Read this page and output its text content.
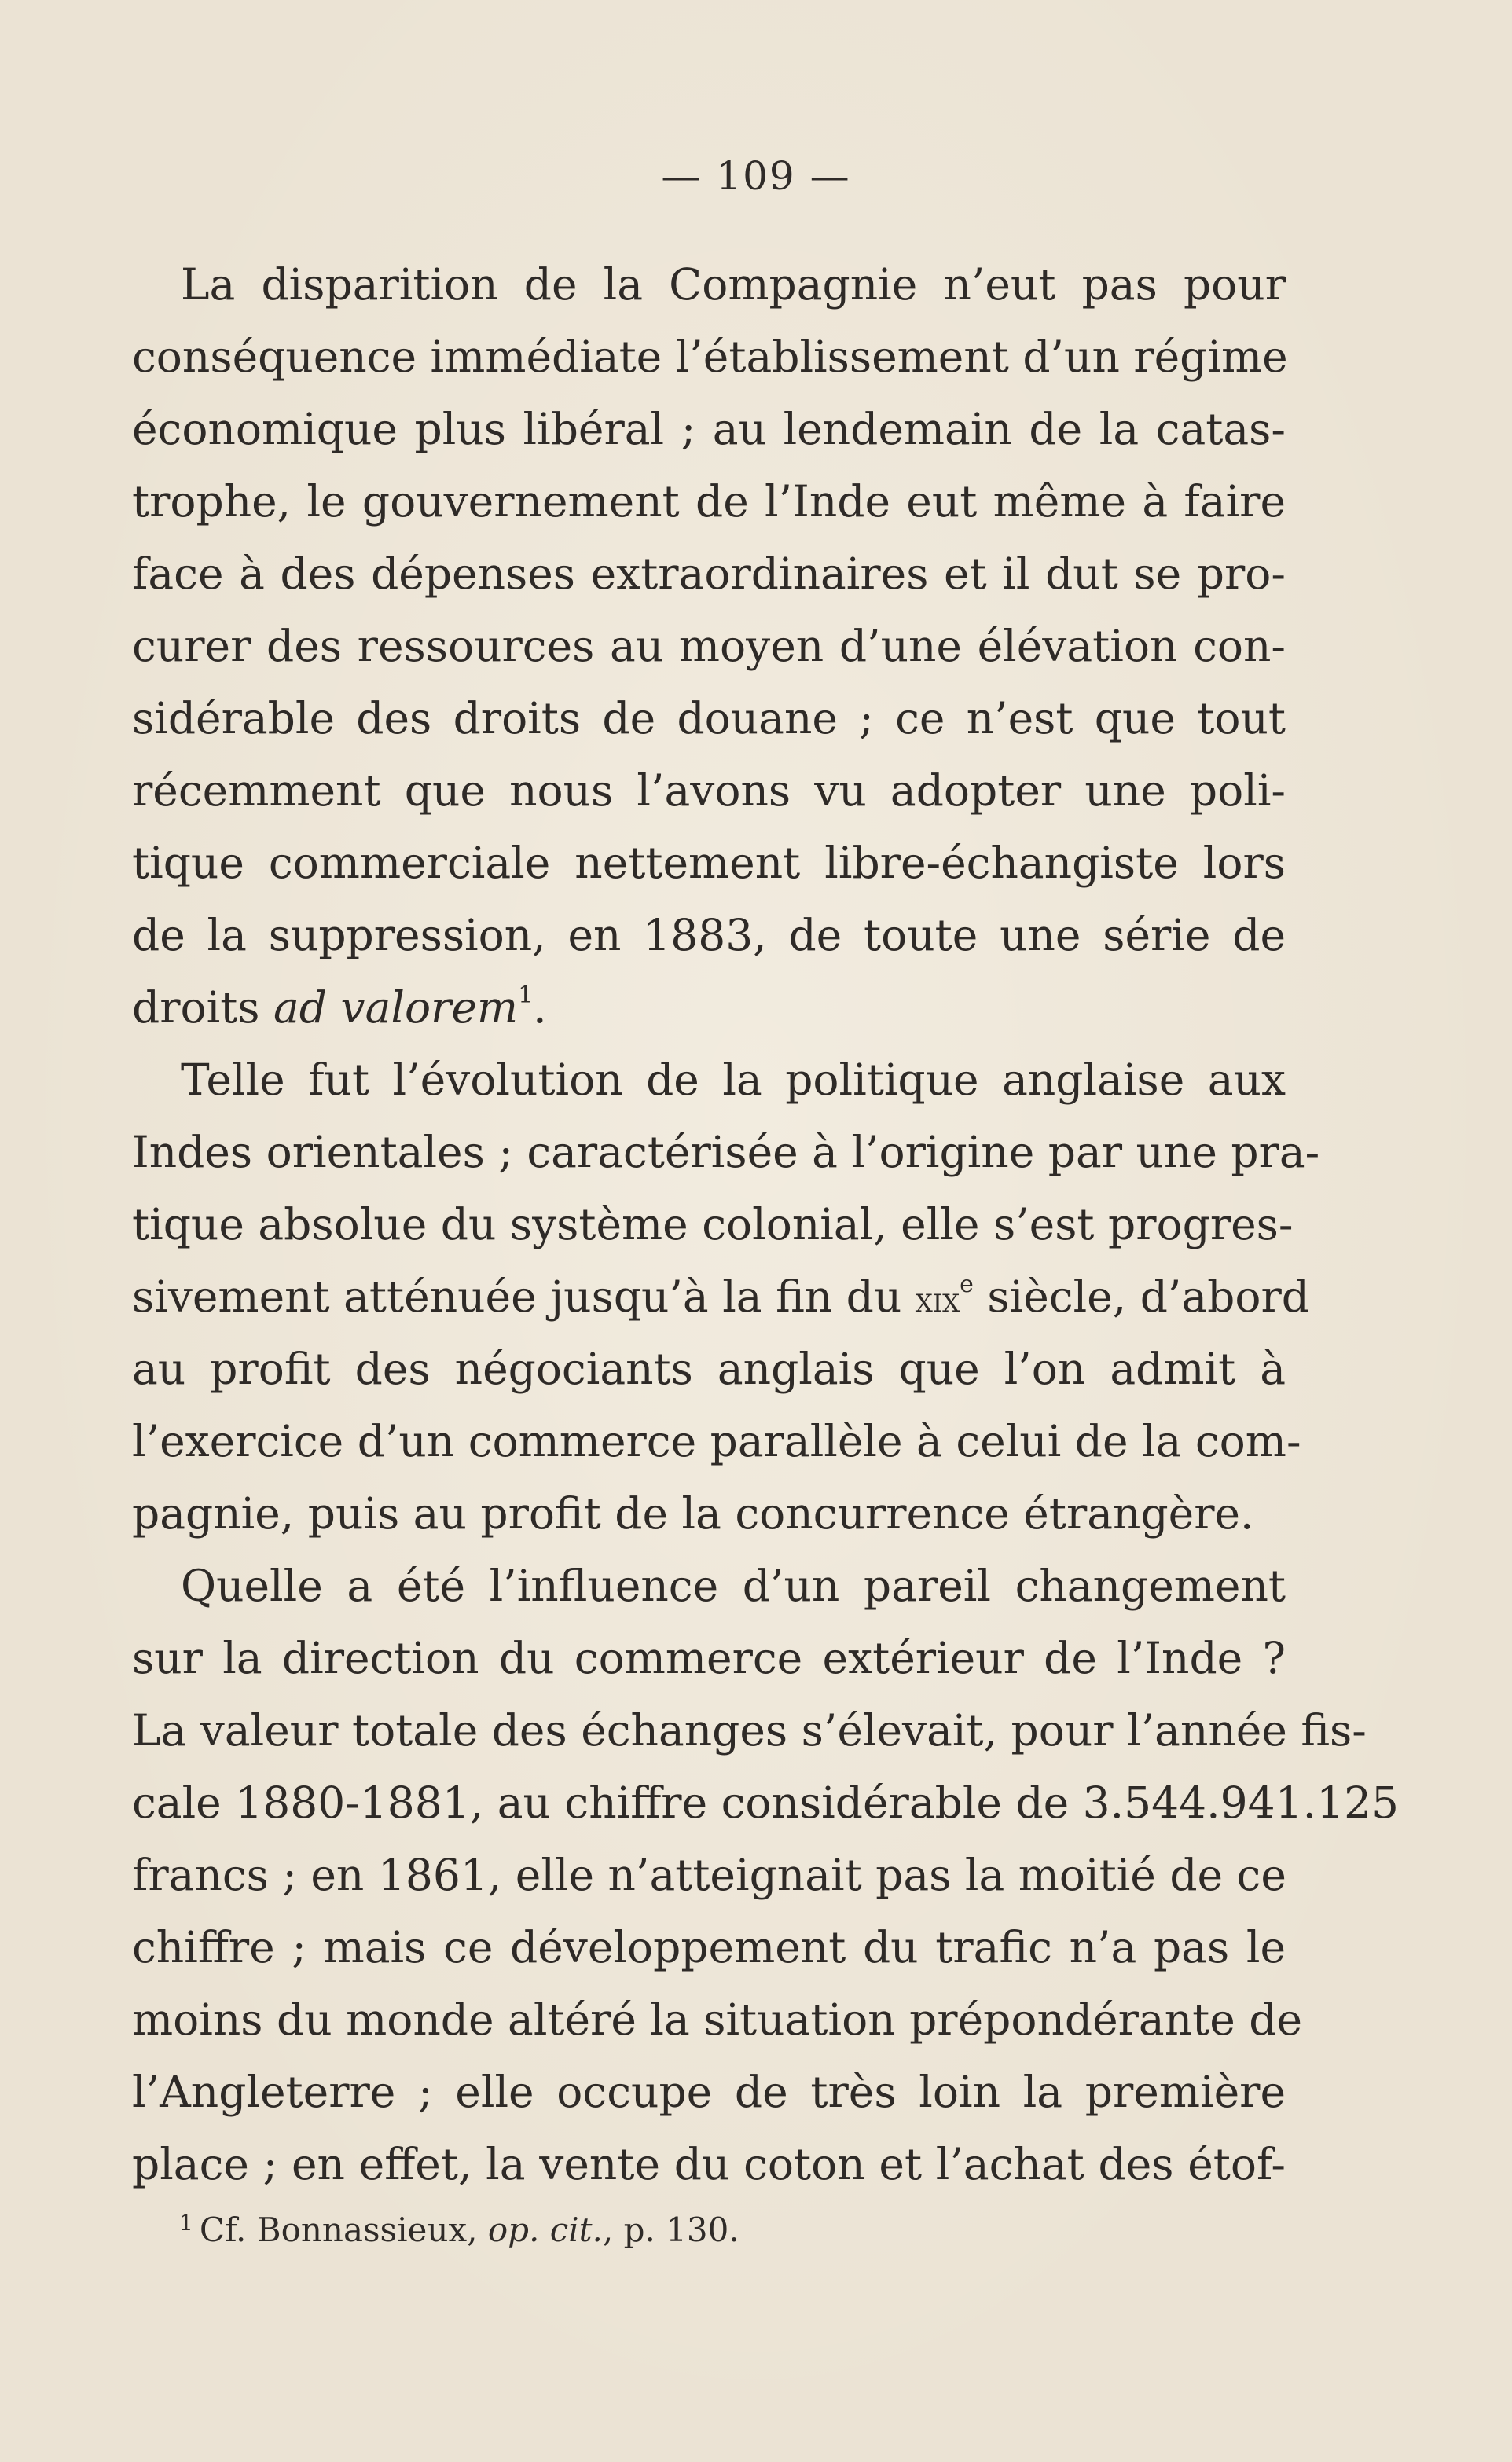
— 109 —
La disparition de la Compagnie n’eut pas pour
conséquence immédiate l’établissement d’un régime
économique plus libéral ; au lendemain de la catas-
trophe, le gouvernement de l’Inde eut même à faire
face à des dépenses extraordinaires et il dut se pro-
curer des ressources au moyen d’une élévation con-
sidérable des droits de douane ; ce n’est que tout
récemment que nous l’avons vu adopter une poli-
tique commerciale nettement libre-échangiste lors
de la suppression, en 1883, de toute une série de
droits ad valorem$^1$.
Telle fut l’évolution de la politique anglaise aux
Indes orientales ; caractérisée à l’origine par une pra-
tique absolue du système colonial, elle s’est progres-
sivement atténuée jusqu’à la fin du xix$^e$ siècle, d’abord
au profit des négociants anglais que l’on admit à
l’exercice d’un commerce parallèle à celui de la com-
pagnie, puis au profit de la concurrence étrangère.
Quelle a été l’influence d’un pareil changement
sur la direction du commerce extérieur de l’Inde ?
La valeur totale des échanges s’élevait, pour l’année fis-
cale 1880-1881, au chiffre considérable de 3.544.941.125
francs ; en 1861, elle n’atteignait pas la moitié de ce
chiffre ; mais ce développement du trafic n’a pas le
moins du monde altéré la situation prépondérante de
l’Angleterre ; elle occupe de très loin la première
place ; en effet, la vente du coton et l’achat des étof-
$^1$ Cf. Bonnassieux, op. cit., p. 130.
